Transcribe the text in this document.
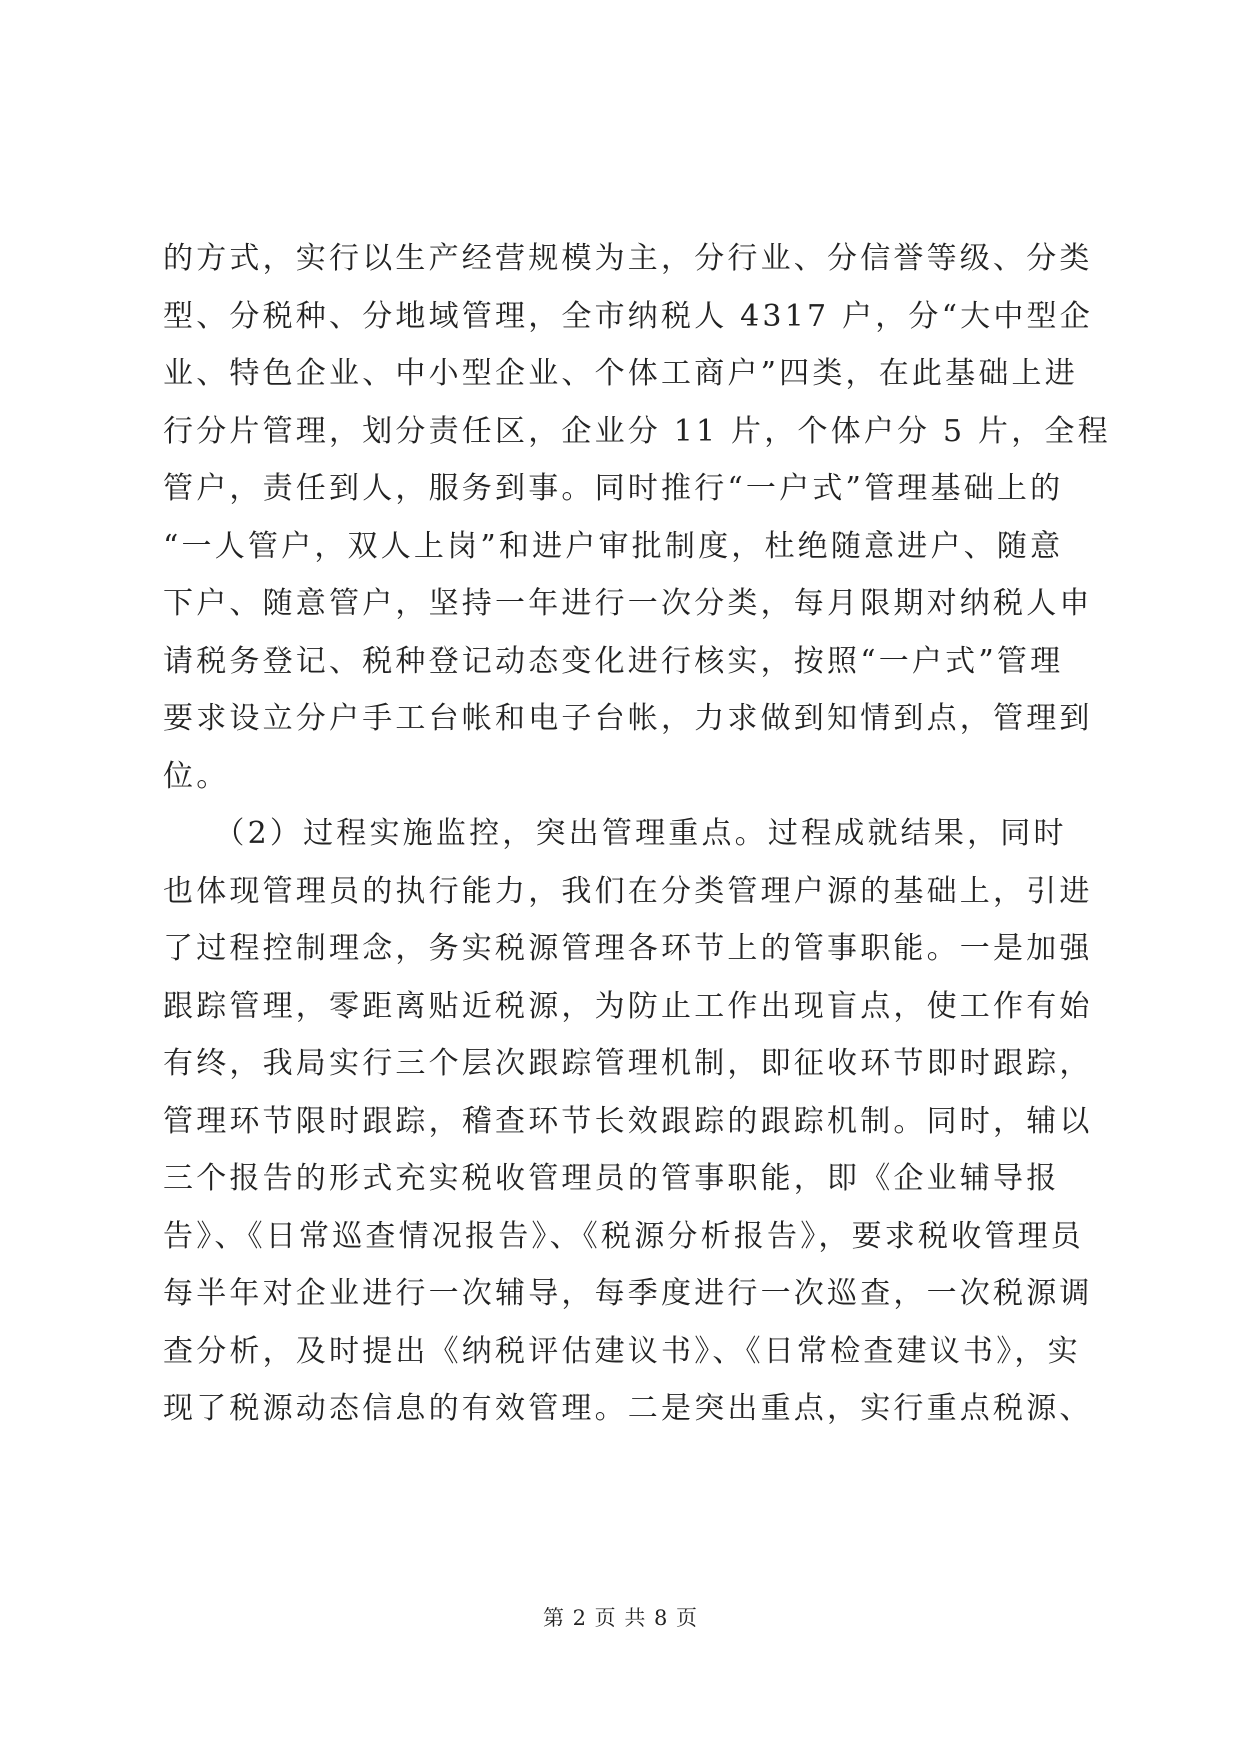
的方式，实行以生产经营规模为主，分行业、分信誉等级、分类
型、分税种、分地域管理，全市纳税人 4317 户，分“大中型企
业、特色企业、中小型企业、个体工商户”四类，在此基础上进
行分片管理，划分责任区，企业分 11 片，个体户分 5 片，全程
管户，责任到人，服务到事。同时推行“一户式”管理基础上的
“一人管户，双人上岗”和进户审批制度，杜绝随意进户、随意
下户、随意管户，坚持一年进行一次分类，每月限期对纳税人申
请税务登记、税种登记动态变化进行核实，按照“一户式”管理
要求设立分户手工台帐和电子台帐，力求做到知情到点，管理到
位。
　　（2）过程实施监控，突出管理重点。过程成就结果，同时
也体现管理员的执行能力，我们在分类管理户源的基础上，引进
了过程控制理念，务实税源管理各环节上的管事职能。一是加强
跟踪管理，零距离贴近税源，为防止工作出现盲点，使工作有始
有终，我局实行三个层次跟踪管理机制，即征收环节即时跟踪，
管理环节限时跟踪，稽查环节长效跟踪的跟踪机制。同时，辅以
三个报告的形式充实税收管理员的管事职能，即《企业辅导报
告》、《日常巡查情况报告》、《税源分析报告》，要求税收管理员
每半年对企业进行一次辅导，每季度进行一次巡查，一次税源调
查分析，及时提出《纳税评估建议书》、《日常检查建议书》，实
现了税源动态信息的有效管理。二是突出重点，实行重点税源、
第 2 页 共 8 页
